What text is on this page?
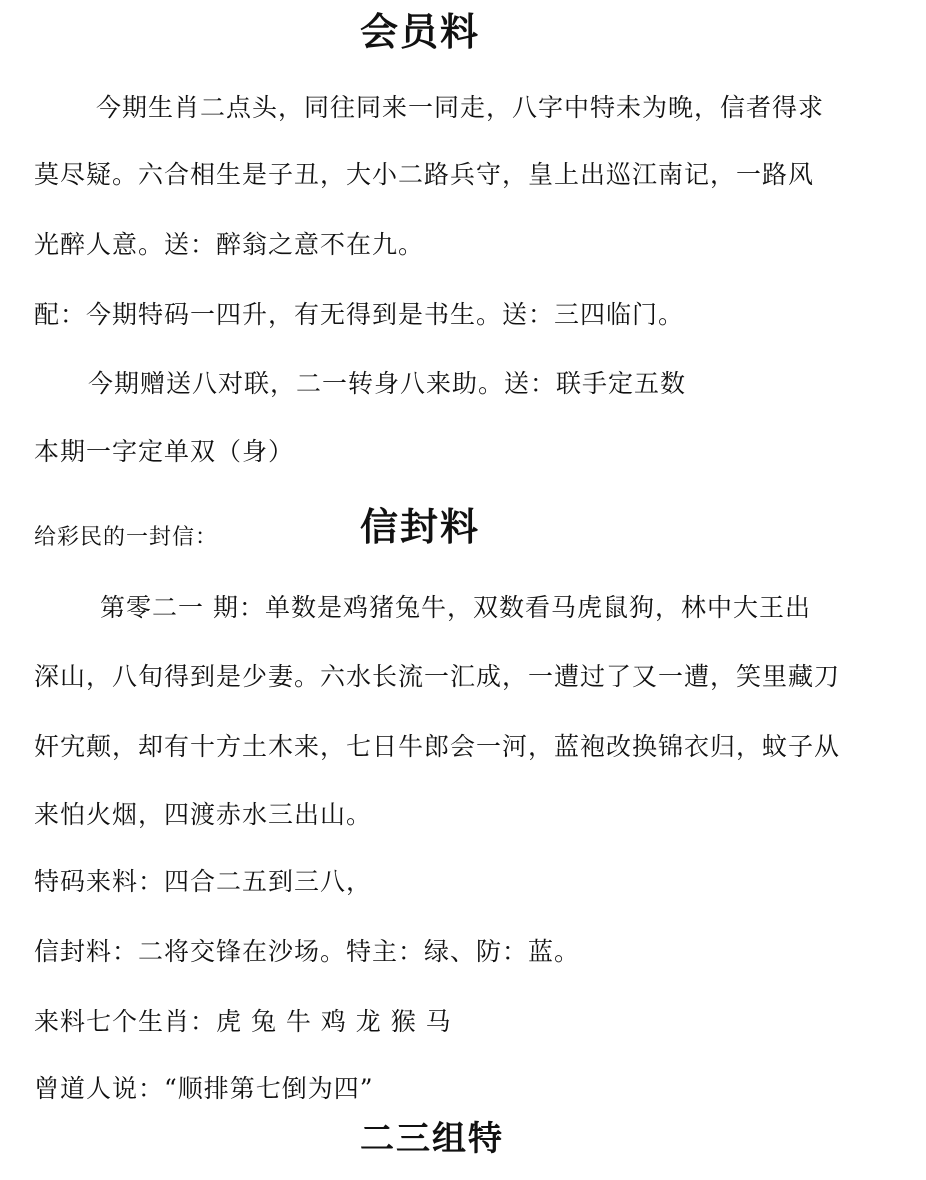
会员料
今期生肖二点头，同往同来一同走，八字中特未为晚，信者得求
莫尽疑。六合相生是子丑，大小二路兵守，皇上出巡江南记，一路风
光醉人意。送：醉翁之意不在九。
配：今期特码一四升，有无得到是书生。送：三四临门。
今期赠送八对联，二一转身八来助。送：联手定五数
本期一字定单双（身）
给彩民的一封信：	信封料
第零二一 期：单数是鸡猪兔牛，双数看马虎鼠狗，林中大王出
深山，八旬得到是少妻。六水长流一汇成，一遭过了又一遭，笑里藏刀
奸宄颠，却有十方土木来，七日牛郎会一河，蓝袍改换锦衣归，蚊子从
来怕火烟，四渡赤水三出山。
特码来料：四合二五到三八，
信封料：二将交锋在沙场。特主：绿、防：蓝。
来料七个生肖：虎 兔 牛 鸡 龙 猴 马
曾道人说：“顺排第七倒为四”
二三组特
